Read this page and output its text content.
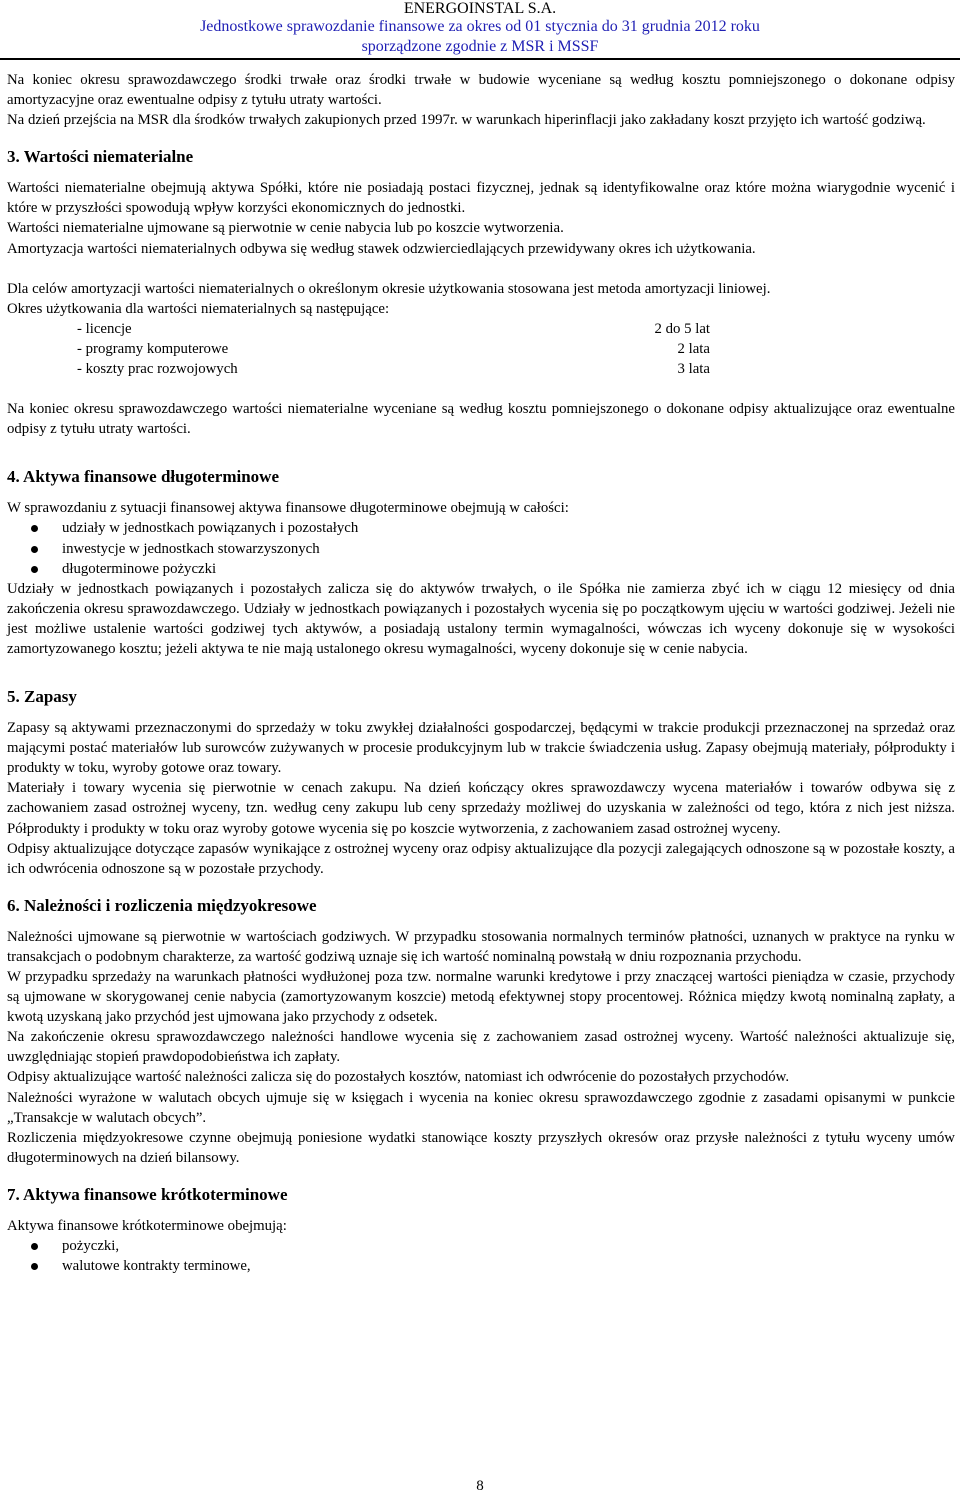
ENERGOINSTAL S.A.
Jednostkowe sprawozdanie finansowe za okres od 01 stycznia do 31 grudnia 2012 roku
sporządzone zgodnie z MSR i MSSF

Na koniec okresu sprawozdawczego środki trwałe oraz środki trwałe w budowie wyceniane są według kosztu pomniejszonego o dokonane odpisy amortyzacyjne oraz ewentualne odpisy z tytułu utraty wartości.

Na dzień przejścia na MSR dla środków trwałych zakupionych przed 1997r. w warunkach hiperinflacji jako zakładany koszt przyjęto ich wartość godziwą.

3. Wartości niematerialne

Wartości niematerialne obejmują aktywa Spółki, które nie posiadają postaci fizycznej, jednak są identyfikowalne oraz które można wiarygodnie wycenić i które w przyszłości spowodują wpływ korzyści ekonomicznych do jednostki.

Wartości niematerialne ujmowane są pierwotnie w cenie nabycia lub po koszcie wytworzenia.

Amortyzacja wartości niematerialnych odbywa się według stawek odzwierciedlających przewidywany okres ich użytkowania.

Dla celów amortyzacji wartości niematerialnych o określonym okresie użytkowania stosowana jest metoda amortyzacji liniowej.

Okres użytkowania dla wartości niematerialnych są następujące:

- licencje	2 do 5 lat
- programy komputerowe	2 lata
- koszty prac rozwojowych	3 lata

Na koniec okresu sprawozdawczego wartości niematerialne wyceniane są według kosztu pomniejszonego o dokonane odpisy aktualizujące oraz ewentualne odpisy z tytułu utraty wartości.

4. Aktywa finansowe długoterminowe

W sprawozdaniu z sytuacji finansowej aktywa finansowe długoterminowe obejmują w całości:

udziały w jednostkach powiązanych i pozostałych
inwestycje w jednostkach stowarzyszonych
długoterminowe pożyczki

Udziały w jednostkach powiązanych i pozostałych zalicza się do aktywów trwałych, o ile Spółka nie zamierza zbyć ich w ciągu 12 miesięcy od dnia zakończenia okresu sprawozdawczego. Udziały w jednostkach powiązanych i pozostałych wycenia się po początkowym ujęciu w wartości godziwej. Jeżeli nie jest możliwe ustalenie wartości godziwej tych aktywów, a posiadają ustalony termin wymagalności, wówczas ich wyceny dokonuje się w wysokości zamortyzowanego kosztu; jeżeli aktywa te nie mają ustalonego okresu wymagalności, wyceny dokonuje się w cenie nabycia.

5. Zapasy

Zapasy są aktywami przeznaczonymi do sprzedaży w toku zwykłej działalności gospodarczej, będącymi w trakcie produkcji przeznaczonej na sprzedaż oraz mającymi postać materiałów lub surowców zużywanych w procesie produkcyjnym lub w trakcie świadczenia usług. Zapasy obejmują materiały, półprodukty i produkty w toku, wyroby gotowe oraz towary.

Materiały i towary wycenia się pierwotnie w cenach zakupu. Na dzień kończący okres sprawozdawczy wycena materiałów i towarów odbywa się z zachowaniem zasad ostrożnej wyceny, tzn. według ceny zakupu lub ceny sprzedaży możliwej do uzyskania w zależności od tego, która z nich jest niższa. Półprodukty i produkty w toku oraz wyroby gotowe wycenia się po koszcie wytworzenia, z zachowaniem zasad ostrożnej wyceny.

Odpisy aktualizujące dotyczące zapasów wynikające z ostrożnej wyceny oraz odpisy aktualizujące dla pozycji zalegających odnoszone są w pozostałe koszty, a ich odwrócenia odnoszone są w pozostałe przychody.

6. Należności i rozliczenia międzyokresowe

Należności ujmowane są pierwotnie w wartościach godziwych. W przypadku stosowania normalnych terminów płatności, uznanych w praktyce na rynku w transakcjach o podobnym charakterze, za wartość godziwą uznaje się ich wartość nominalną powstałą w dniu rozpoznania przychodu.

W przypadku sprzedaży na warunkach płatności wydłużonej poza tzw. normalne warunki kredytowe i przy znaczącej wartości pieniądza w czasie, przychody są ujmowane w skorygowanej cenie nabycia (zamortyzowanym koszcie) metodą efektywnej stopy procentowej. Różnica między kwotą nominalną zapłaty, a kwotą uzyskaną jako przychód jest ujmowana jako przychody z odsetek.

Na zakończenie okresu sprawozdawczego należności handlowe wycenia się z zachowaniem zasad ostrożnej wyceny. Wartość należności aktualizuje się, uwzględniając stopień prawdopodobieństwa ich zapłaty.

Odpisy aktualizujące wartość należności zalicza się do pozostałych kosztów, natomiast ich odwrócenie do pozostałych przychodów.

Należności wyrażone w walutach obcych ujmuje się w księgach i wycenia na koniec okresu sprawozdawczego zgodnie z zasadami opisanymi w punkcie „Transakcje w walutach obcych”.

Rozliczenia międzyokresowe czynne obejmują poniesione wydatki stanowiące koszty przyszłych okresów oraz przysłe należności z tytułu wyceny umów długoterminowych na dzień bilansowy.

7. Aktywa finansowe krótkoterminowe

Aktywa finansowe krótkoterminowe obejmują:

pożyczki,
walutowe kontrakty terminowe,
8
